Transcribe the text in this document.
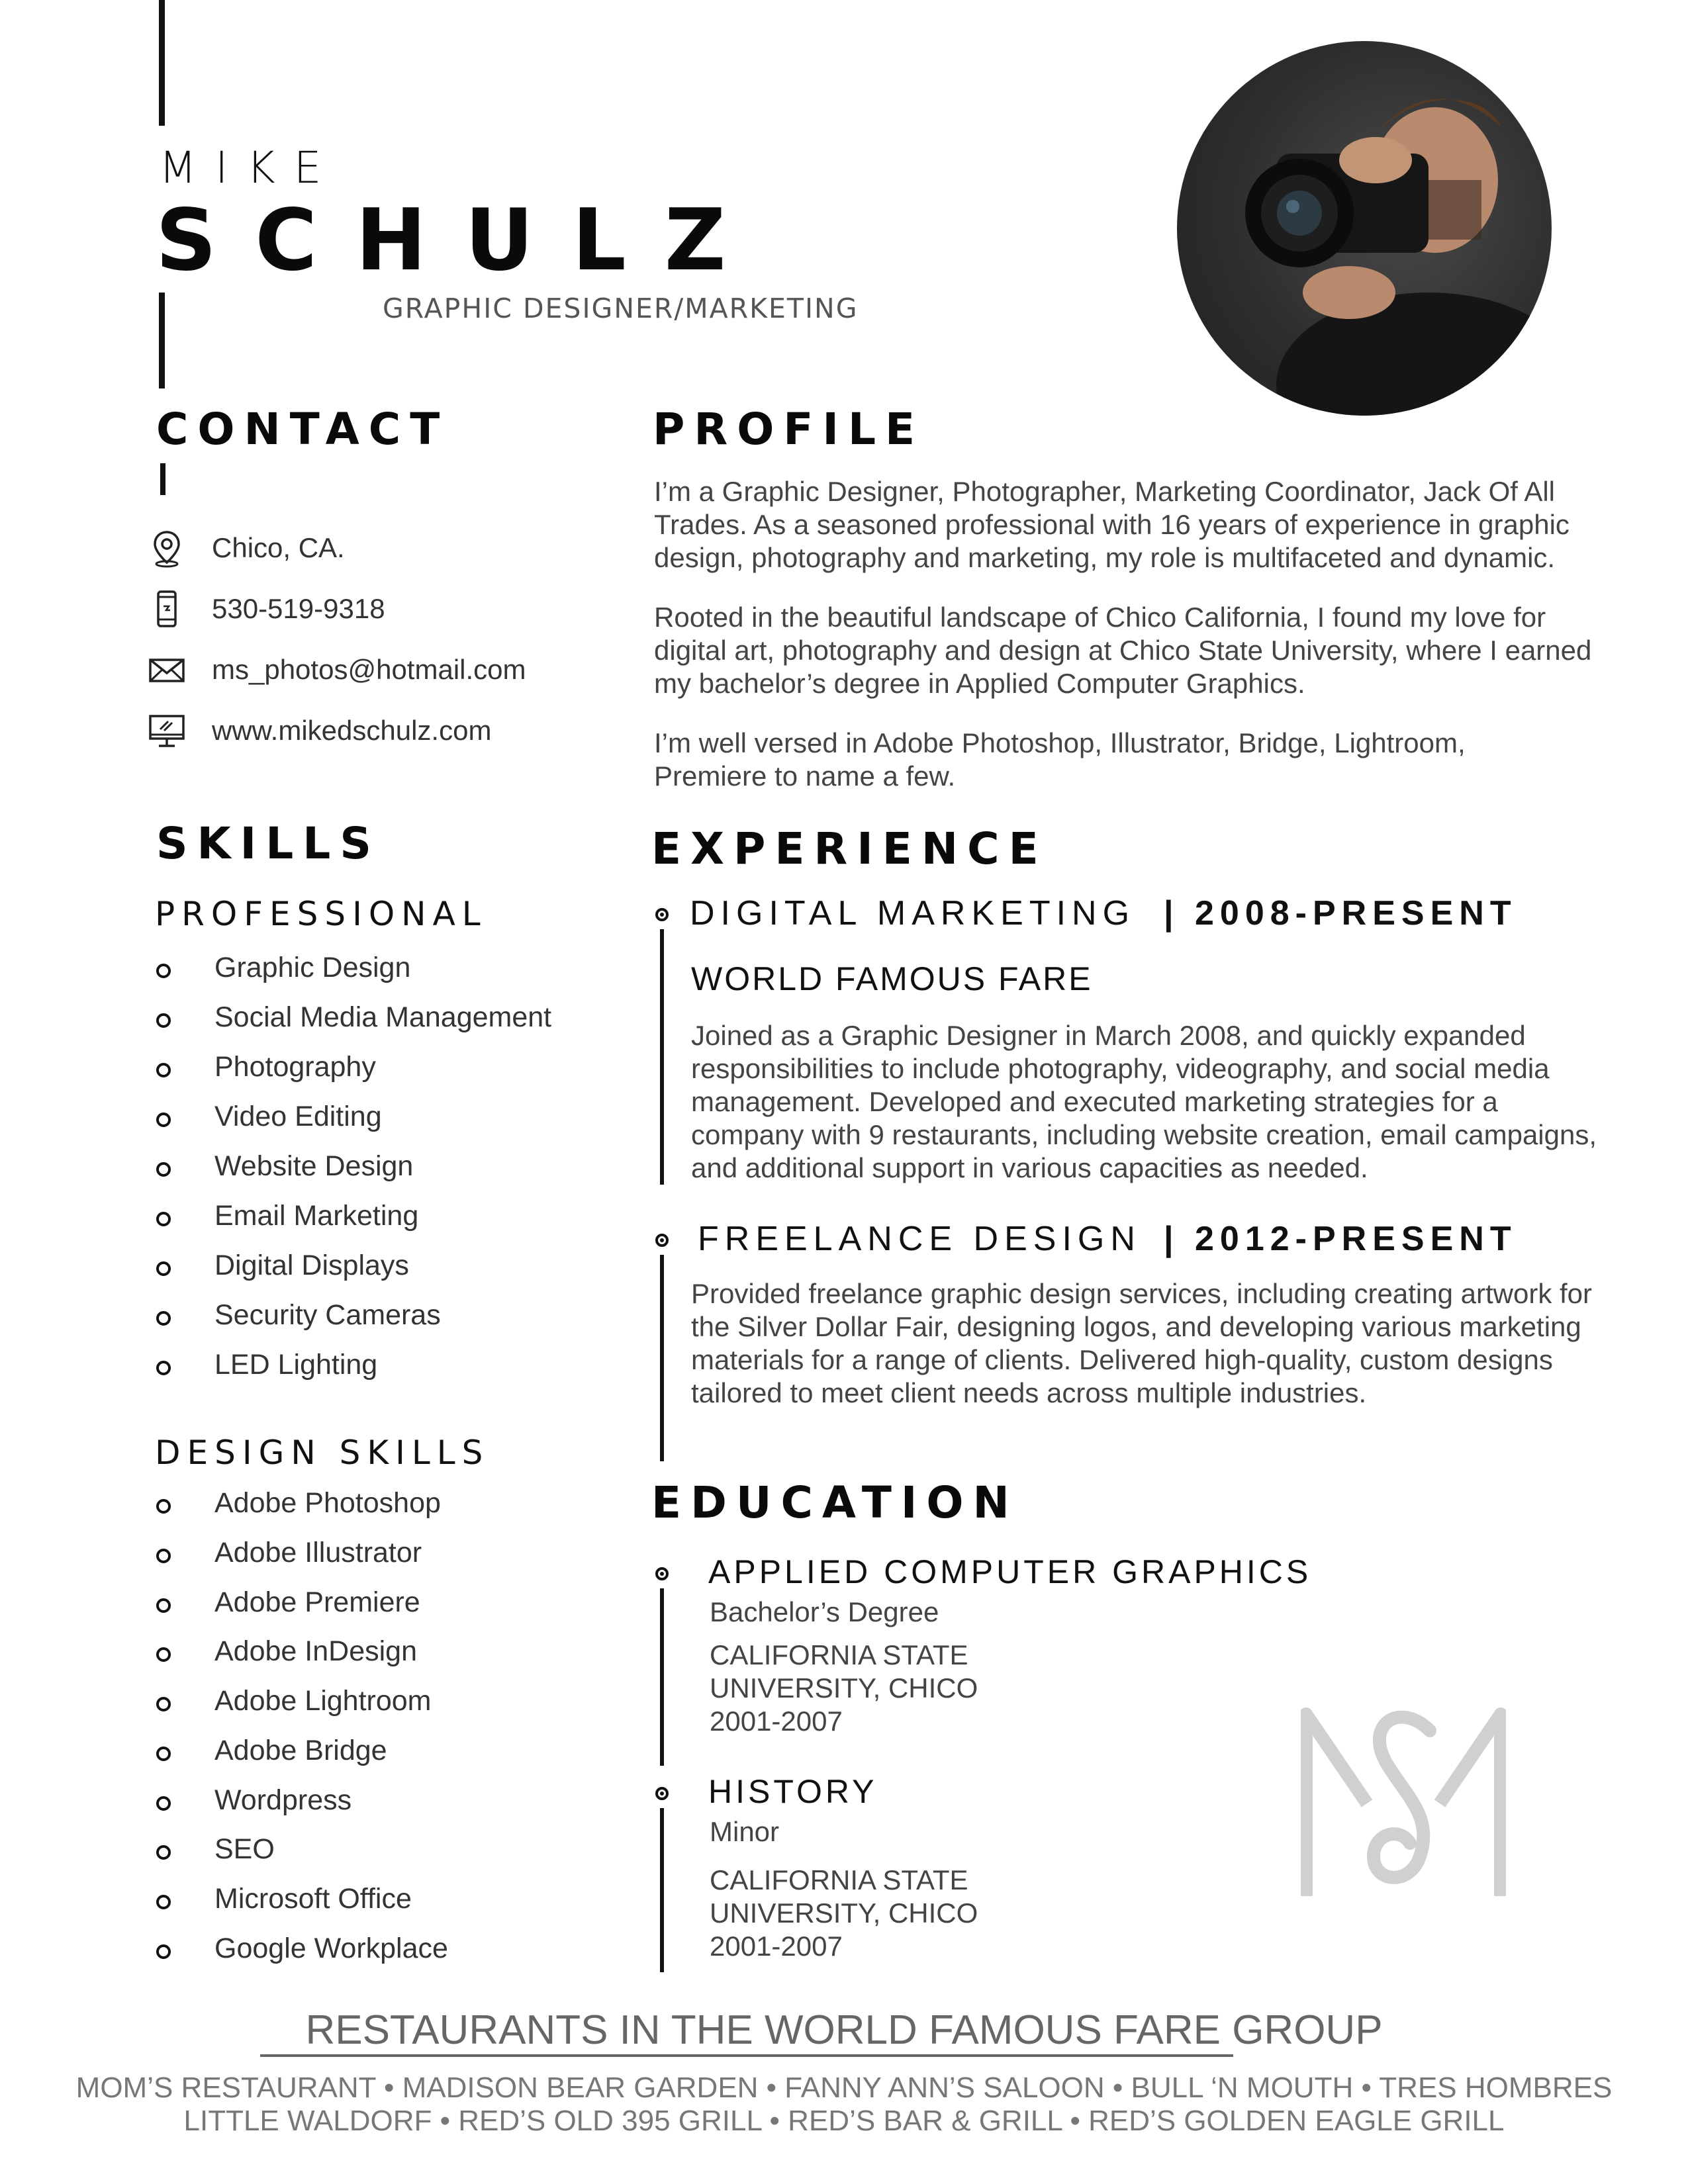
MIKE
SCHULZ
GRAPHIC DESIGNER/MARKETING
CONTACT
Chico, CA.
530-519-9318
ms_photos@hotmail.com
www.mikedschulz.com
SKILLS
PROFESSIONAL
Graphic Design
Social Media Management
Photography
Video Editing
Website Design
Email Marketing
Digital Displays
Security Cameras
LED Lighting
DESIGN SKILLS
Adobe Photoshop
Adobe Illustrator
Adobe Premiere
Adobe InDesign
Adobe Lightroom
Adobe Bridge
Wordpress
SEO
Microsoft Office
Google Workplace
PROFILE
I’m a Graphic Designer, Photographer, Marketing Coordinator, Jack Of All Trades. As a seasoned professional with 16 years of experience in graphic design, photography and marketing, my role is multifaceted and dynamic.
Rooted in the beautiful landscape of Chico California, I found my love for digital art, photography and design at Chico State University, where I earned my bachelor’s degree in Applied Computer Graphics.
I’m well versed in Adobe Photoshop, Illustrator, Bridge, Lightroom, Premiere to name a few.
EXPERIENCE
DIGITAL MARKETING | 2008-PRESENT
WORLD FAMOUS FARE
Joined as a Graphic Designer in March 2008, and quickly expanded responsibilities to include photography, videography, and social media management. Developed and executed marketing strategies for a company with 9 restaurants, including website creation, email campaigns, and additional support in various capacities as needed.
FREELANCE DESIGN | 2012-PRESENT
Provided freelance graphic design services, including creating artwork for the Silver Dollar Fair, designing logos, and developing various marketing materials for a range of clients. Delivered high-quality, custom designs tailored to meet client needs across multiple industries.
EDUCATION
APPLIED COMPUTER GRAPHICS
Bachelor’s Degree
CALIFORNIA STATE
UNIVERSITY, CHICO
2001-2007
HISTORY
Minor
CALIFORNIA STATE
UNIVERSITY, CHICO
2001-2007
RESTAURANTS IN THE WORLD FAMOUS FARE GROUP
MOM’S RESTAURANT • MADISON BEAR GARDEN • FANNY ANN’S SALOON • BULL ‘N MOUTH • TRES HOMBRES
LITTLE WALDORF • RED’S OLD 395 GRILL • RED’S BAR & GRILL • RED’S GOLDEN EAGLE GRILL
